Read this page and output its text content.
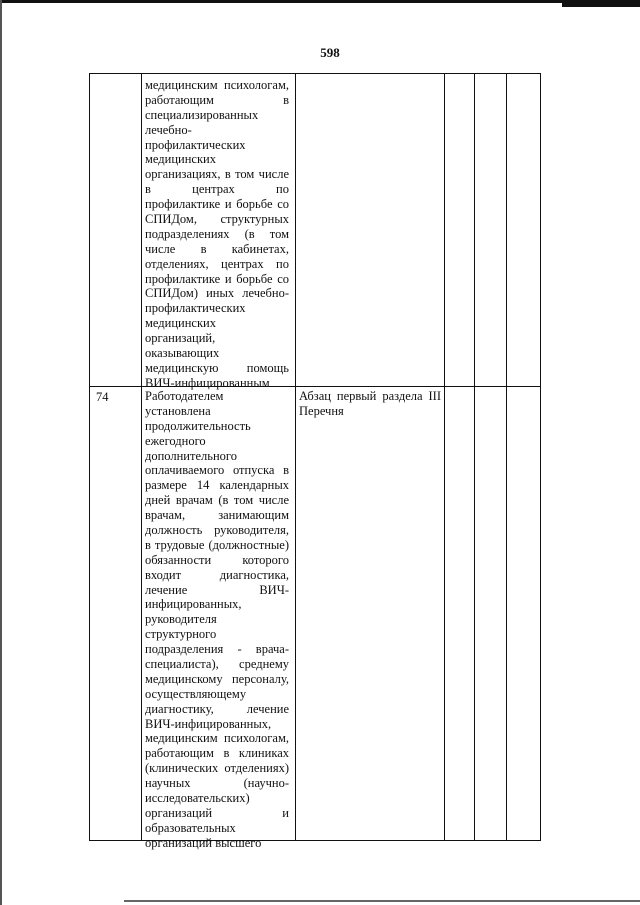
598
медицинским психологам,
работающим в
специализированных
лечебно-
профилактических
медицинских
организациях, в том числе
в центрах по
профилактике и борьбе со
СПИДом, структурных
подразделениях (в том
числе в кабинетах,
отделениях, центрах по
профилактике и борьбе со
СПИДом) иных лечебно-
профилактических
медицинских
организаций,
оказывающих
медицинскую помощь
ВИЧ-инфицированным
74	Работодателем
установлена
продолжительность
ежегодного
дополнительного
оплачиваемого отпуска в
размере 14 календарных
дней врачам (в том числе
врачам, занимающим
должность руководителя,
в трудовые (должностные)
обязанности которого
входит диагностика,
лечение ВИЧ-
инфицированных,
руководителя
структурного
подразделения - врача-
специалиста), среднему
медицинскому персоналу,
осуществляющему
диагностику, лечение
ВИЧ-инфицированных,
медицинским психологам,
работающим в клиниках
(клинических отделениях)
научных (научно-
исследовательских)
организаций и
образовательных
организаций высшего
Абзац первый раздела III
Перечня
